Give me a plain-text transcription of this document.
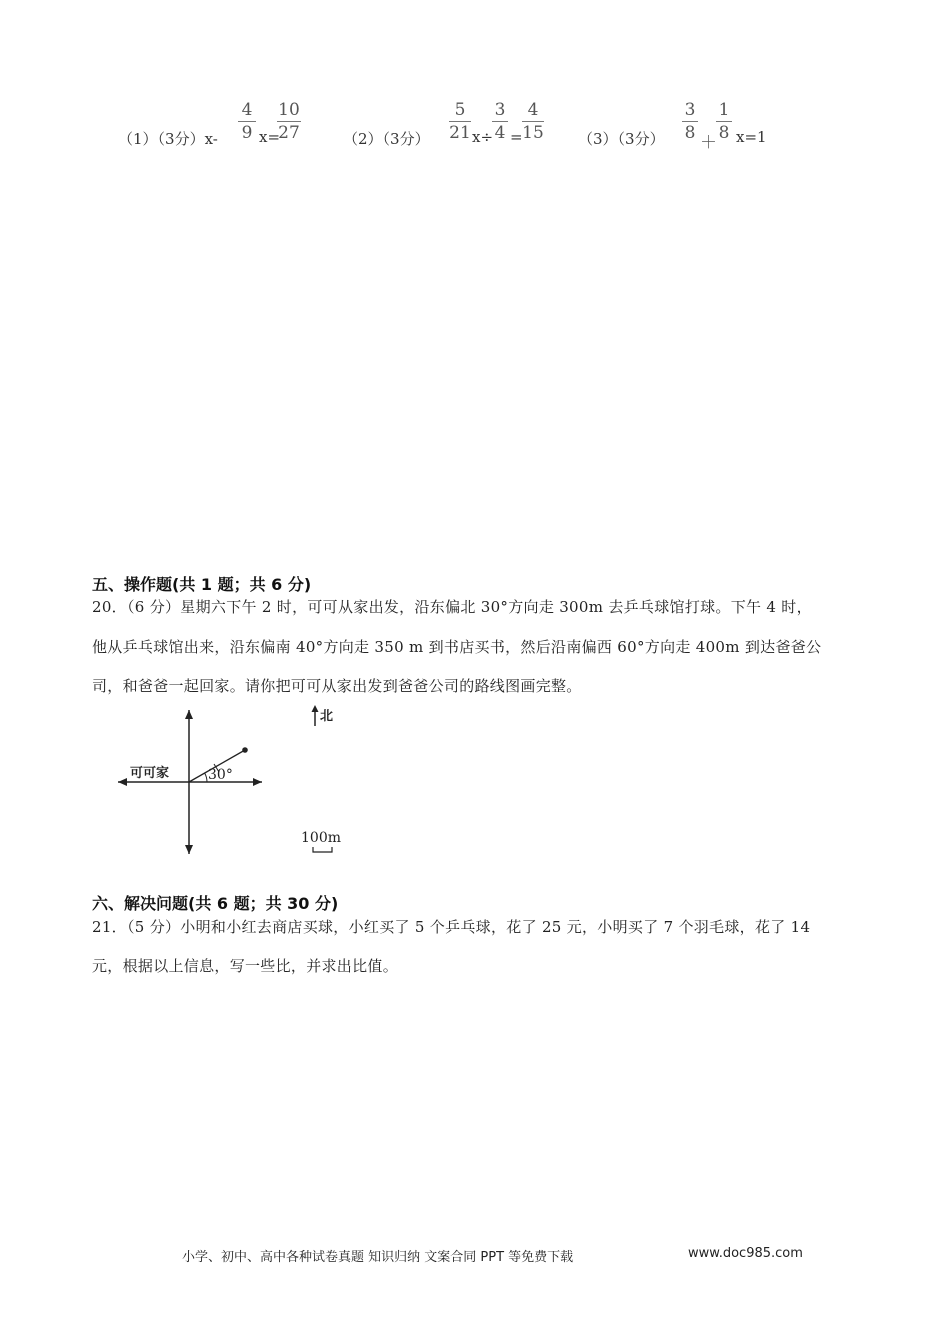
（1）（3分）x-
4
9 x=
10
27	（2）（3分）
5
21 x÷
3
4 =
4
15 （3）（3分）
3
8 ＋
1
8 x=1
五、操作题(共 1 题；共 6 分)
20．（6 分）星期六下午 2 时，可可从家出发，沿东偏北 30°方向走 300m 去乒乓球馆打球。下午 4 时，
他从乒乓球馆出来，沿东偏南 40°方向走 350 m 到书店买书，然后沿南偏西 60°方向走 400m 到达爸爸公
司，和爸爸一起回家。请你把可可从家出发到爸爸公司的路线图画完整。
可可家	30°
北
100m
六、解决问题(共 6 题；共 30 分)
21．（5 分）小明和小红去商店买球，小红买了 5 个乒乓球，花了 25 元，小明买了 7 个羽毛球，花了 14
元，根据以上信息，写一些比，并求出比值。
小学、初中、高中各种试卷真题 知识归纳 文案合同 PPT 等免费下载	www.doc985.com
